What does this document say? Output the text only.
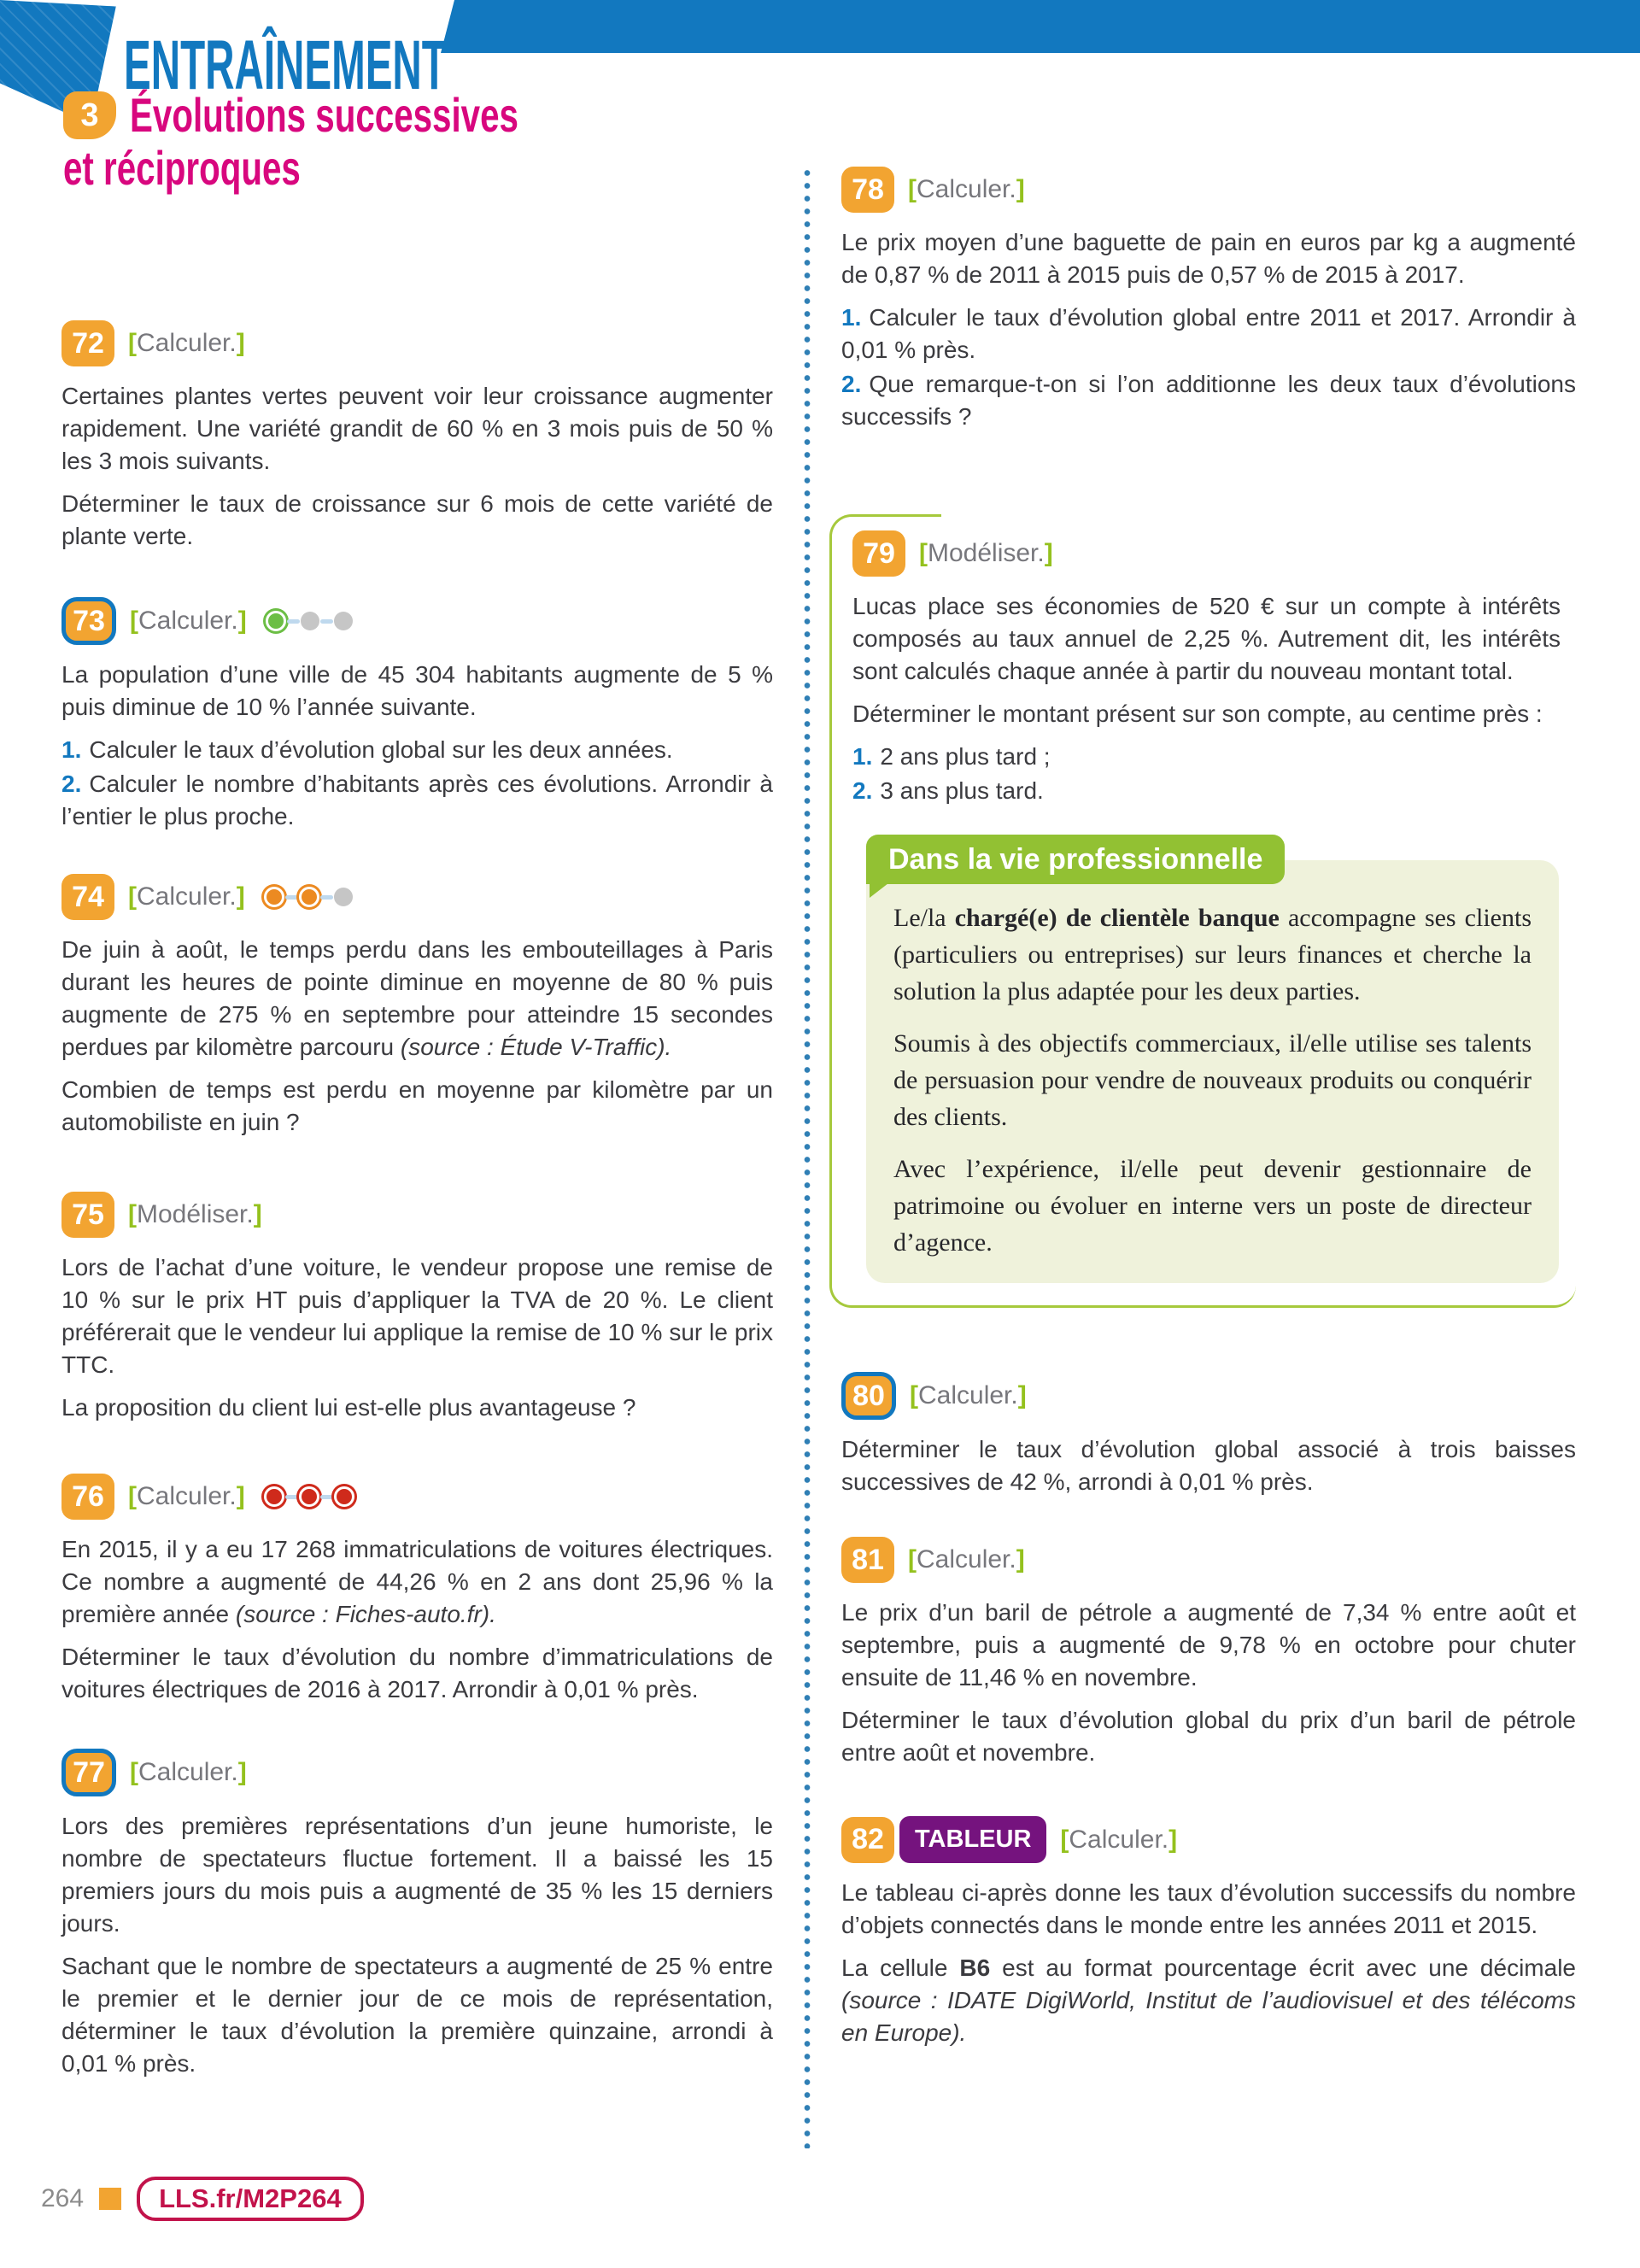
ENTRAÎNEMENT
3 Évolutions successives
et réciproques
72 [Calculer.]

Certaines plantes vertes peuvent voir leur croissance augmenter rapidement. Une variété grandit de 60 % en 3 mois puis de 50 % les 3 mois suivants.

Déterminer le taux de croissance sur 6 mois de cette variété de plante verte.

73 [Calculer.]

La population d’une ville de 45 304 habitants augmente de 5 % puis diminue de 10 % l’année suivante.

1. Calculer le taux d’évolution global sur les deux années.

2. Calculer le nombre d’habitants après ces évolutions. Arrondir à l’entier le plus proche.

74 [Calculer.]

De juin à août, le temps perdu dans les embouteillages à Paris durant les heures de pointe diminue en moyenne de 80 % puis augmente de 275 % en septembre pour atteindre 15 secondes perdues par kilomètre parcouru (source : Étude V-Traffic).

Combien de temps est perdu en moyenne par kilomètre par un automobiliste en juin ?

75 [Modéliser.]

Lors de l’achat d’une voiture, le vendeur propose une remise de 10 % sur le prix HT puis d’appliquer la TVA de 20 %. Le client préférerait que le vendeur lui applique la remise de 10 % sur le prix TTC.

La proposition du client lui est-elle plus avantageuse ?

76 [Calculer.]

En 2015, il y a eu 17 268 immatriculations de voitures électriques. Ce nombre a augmenté de 44,26 % en 2 ans dont 25,96 % la première année (source : Fiches-auto.fr).

Déterminer le taux d’évolution du nombre d’immatriculations de voitures électriques de 2016 à 2017. Arrondir à 0,01 % près.

77 [Calculer.]

Lors des premières représentations d’un jeune humoriste, le nombre de spectateurs fluctue fortement. Il a baissé les 15 premiers jours du mois puis a augmenté de 35 % les 15 derniers jours.

Sachant que le nombre de spectateurs a augmenté de 25 % entre le premier et le dernier jour de ce mois de représentation, déterminer le taux d’évolution la première quinzaine, arrondi à 0,01 % près.

78 [Calculer.]

Le prix moyen d’une baguette de pain en euros par kg a augmenté de 0,87 % de 2011 à 2015 puis de 0,57 % de 2015 à 2017.

1. Calculer le taux d’évolution global entre 2011 et 2017. Arrondir à 0,01 % près.

2. Que remarque-t-on si l’on additionne les deux taux d’évolutions successifs ?

79 [Modéliser.]

Lucas place ses économies de 520 € sur un compte à intérêts composés au taux annuel de 2,25 %. Autrement dit, les intérêts sont calculés chaque année à partir du nouveau montant total.

Déterminer le montant présent sur son compte, au centime près :

1. 2 ans plus tard ;

2. 3 ans plus tard.

Dans la vie professionnelle

Le/la chargé(e) de clientèle banque accompagne ses clients (particuliers ou entreprises) sur leurs finances et cherche la solution la plus adaptée pour les deux parties.

Soumis à des objectifs commerciaux, il/elle utilise ses talents de persuasion pour vendre de nouveaux produits ou conquérir des clients.

Avec l’expérience, il/elle peut devenir gestionnaire de patrimoine ou évoluer en interne vers un poste de directeur d’agence.

80 [Calculer.]

Déterminer le taux d’évolution global associé à trois baisses successives de 42 %, arrondi à 0,01 % près.

81 [Calculer.]

Le prix d’un baril de pétrole a augmenté de 7,34 % entre août et septembre, puis a augmenté de 9,78 % en octobre pour chuter ensuite de 11,46 % en novembre.

Déterminer le taux d’évolution global du prix d’un baril de pétrole entre août et novembre.

82	TABLEUR	[Calculer.]

Le tableau ci-après donne les taux d’évolution successifs du nombre d’objets connectés dans le monde entre les années 2011 et 2015.

La cellule B6 est au format pourcentage écrit avec une décimale (source : IDATE DigiWorld, Institut de l’audiovisuel et des télécoms en Europe).

264	LLS.fr/M2P264
